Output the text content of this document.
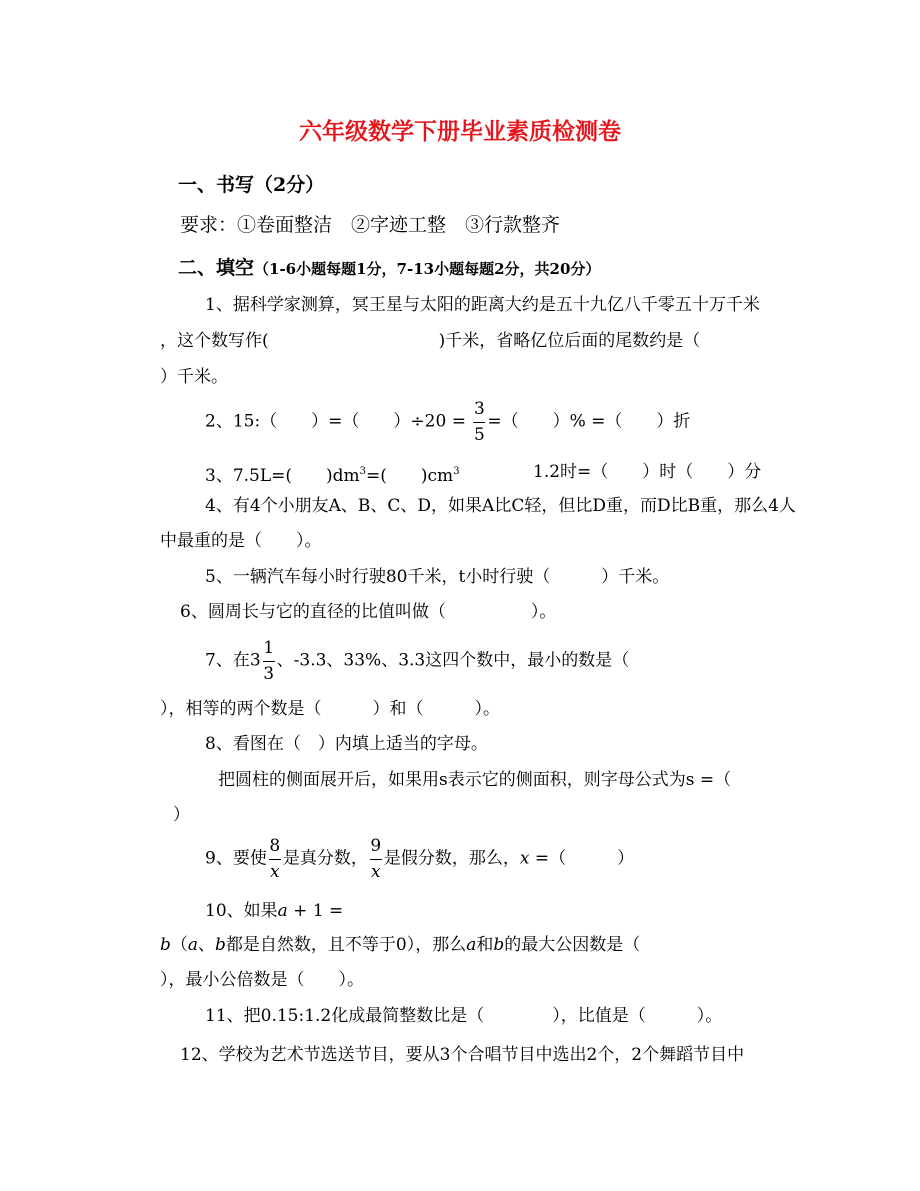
六年级数学下册毕业素质检测卷
一、书写（2分）
要求：①卷面整洁　②字迹工整　③行款整齐
二、填空（1-6小题每题1分，7-13小题每题2分，共20分）
1、据科学家测算，冥王星与太阳的距离大约是五十九亿八千零五十万千米
，这个数写作(　　　　　　　　　　)千米，省略亿位后面的尾数约是（
）千米。
2、15:（　　）=（　　）$\div 20 = \frac{3}{5}$ =（　　）% =（　　）折
3、7.5L=(　　)$dm^3=$(　　)$cm^3$	1.2时=（　　）时（　　）分
4、有4个小朋友A、B、C、D，如果A比C轻，但比D重，而D比B重，那么4人
中最重的是（　　）。
5、一辆汽车每小时行驶80千米，t小时行驶（　　　）千米。
6、圆周长与它的直径的比值叫做（　　　　　）。
7、在$3 \frac{1}{3}$ 、-3.3、33%、3.3这四个数中，最小的数是（
），相等的两个数是（　　　）和（　　　）。
8、看图在（　）内填上适当的字母。
把圆柱的侧面展开后，如果用s表示它的侧面积，则字母公式为s =（
）
9、要使 $\frac{8}{x}$ 是真分数， $\frac{9}{x}$ 是假分数，那么，x =（　　　）
10、如果a + 1 =
b（a、b都是自然数，且不等于0），那么a和b的最大公因数是（
），最小公倍数是（　　）。
11、把0.15:1.2化成最简整数比是（　　　　），比值是（　　　）。
12、学校为艺术节选送节目，要从3个合唱节目中选出2个，2个舞蹈节目中
